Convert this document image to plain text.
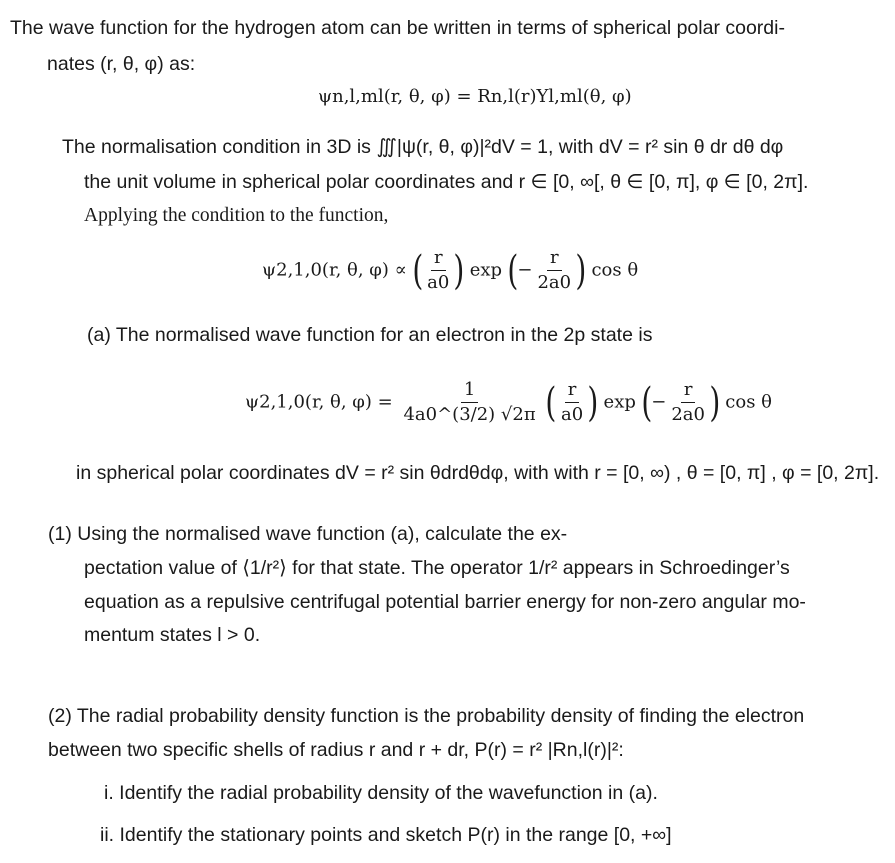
The wave function for the hydrogen atom can be written in terms of spherical polar coordi-
nates (r, θ, φ) as:
ψn,l,ml(r, θ, φ) = Rn,l(r)Yl,ml(θ, φ)
The normalisation condition in 3D is ∭|ψ(r, θ, φ)|²dV = 1, with dV = r² sin θ dr dθ dφ
the unit volume in spherical polar coordinates and r ∈ [0, ∞[, θ ∈ [0, π], φ ∈ [0, 2π].
Applying the condition to the function,
ψ2,1,0(r, θ, φ) ∝ ( $\frac{r}{a0}$ ) exp (− $\frac{r}{2a0}$ ) cos θ
(a) The normalised wave function for an electron in the 2p state is
ψ2,1,0(r, θ, $\varphi) = \frac{1}{4a0\^{}(3/2) √2\pi}$ ( $\frac{r}{a0}$ ) exp (− $\frac{r}{2a0}$ ) cos θ
in spherical polar coordinates dV = r² sin θdrdθdφ, with with r = [0, ∞) , θ = [0, π] , φ = [0, 2π].
(1) Using the normalised wave function (a), calculate the ex-
pectation value of ⟨1/r²⟩ for that state. The operator 1/r² appears in Schroedinger’s
equation as a repulsive centrifugal potential barrier energy for non-zero angular mo-
mentum states l > 0.
(2) The radial probability density function is the probability density of finding the electron
between two specific shells of radius r and r + dr, P(r) = r² |Rn,l(r)|²:
i. Identify the radial probability density of the wavefunction in (a).
ii. Identify the stationary points and sketch P(r) in the range [0, +∞]
